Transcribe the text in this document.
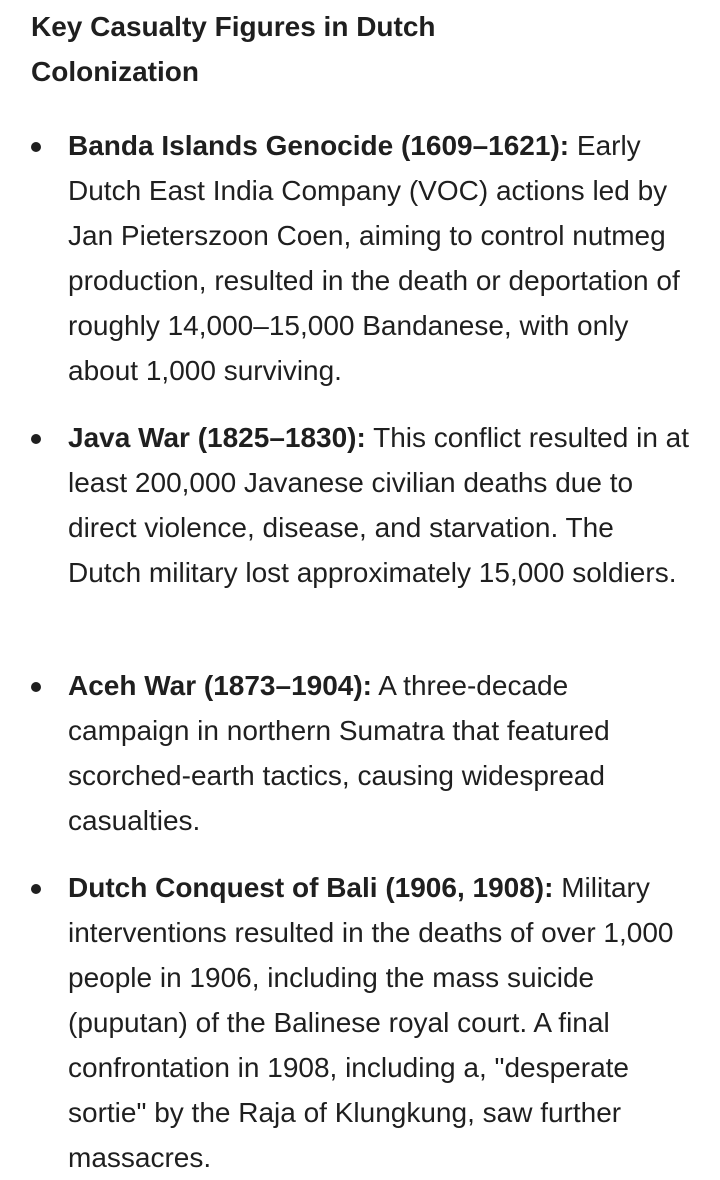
Key Casualty Figures in Dutch Colonization
Banda Islands Genocide (1609–1621): Early Dutch East India Company (VOC) actions led by Jan Pieterszoon Coen, aiming to control nutmeg production, resulted in the death or deportation of roughly 14,000–15,000 Bandanese, with only about 1,000 surviving.
Java War (1825–1830): This conflict resulted in at least 200,000 Javanese civilian deaths due to direct violence, disease, and starvation. The Dutch military lost approximately 15,000 soldiers.
Aceh War (1873–1904): A three-decade campaign in northern Sumatra that featured scorched-earth tactics, causing widespread casualties.
Dutch Conquest of Bali (1906, 1908): Military interventions resulted in the deaths of over 1,000 people in 1906, including the mass suicide (puputan) of the Balinese royal court. A final confrontation in 1908, including a, "desperate sortie" by the Raja of Klungkung, saw further massacres.
